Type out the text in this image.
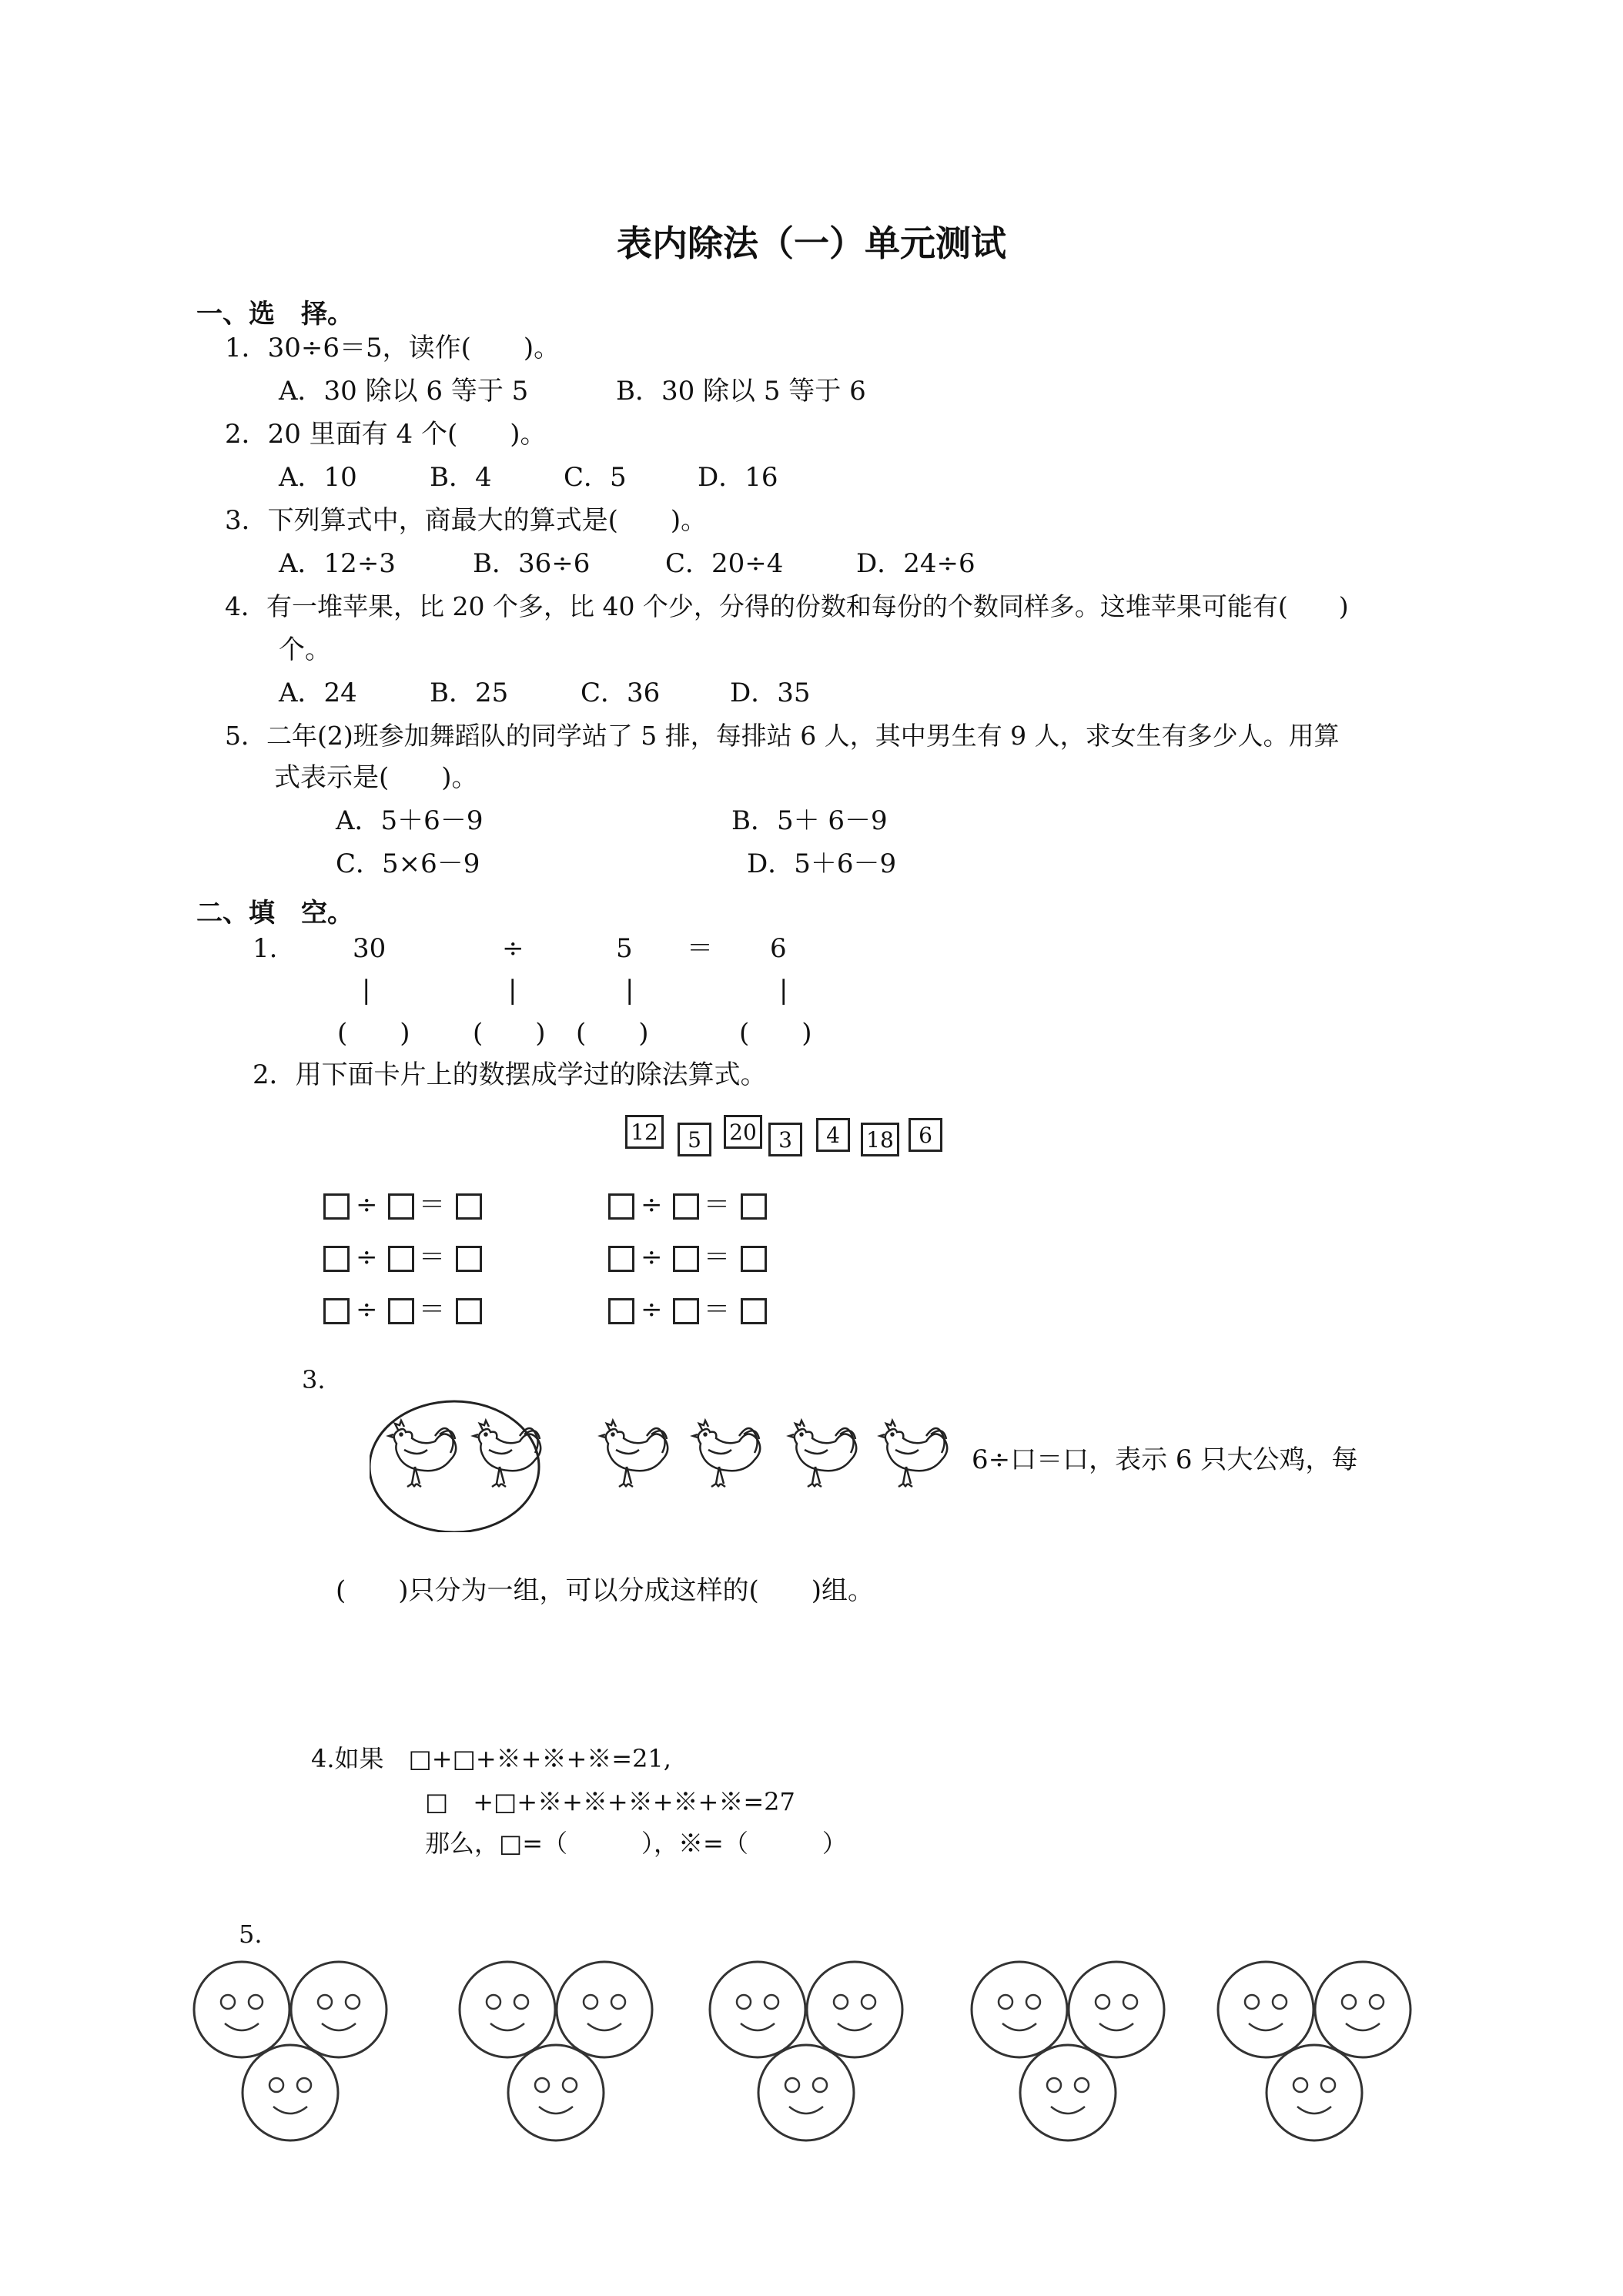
表内除法（一）单元测试
一、选　择。
1．30÷6＝5，读作(　　)。
A．30 除以 6 等于 5	B．30 除以 5 等于 6
2．20 里面有 4 个(　　)。
A．10	B．4	C．5	D．16
3．下列算式中，商最大的算式是(　　)。
A．12÷3	B．36÷6	C．20÷4	D．24÷6
4．有一堆苹果，比 20 个多，比 40 个少，分得的份数和每份的个数同样多。这堆苹果可能有(　　)
个。
A．24	B．25	C．36	D．35
5．二年(2)班参加舞蹈队的同学站了 5 排，每排站 6 人，其中男生有 9 人，求女生有多少人。用算
式表示是(　　)。
A．5＋6－9	B．5＋ 6－9
C．5×6－9	D．5＋6－9
二、填　空。
1.	30	÷	5 ＝ 6
|	|	|	|
(　　) (　　) (　　)	(　　)
2．用下面卡片上的数摆成学过的除法算式。
12	5	20	3	4	18	6
÷ ＝	÷ ＝
÷ ＝	÷ ＝
÷ ＝	÷ ＝
3.
6÷口＝口，表示 6 只大公鸡，每
(　　)只分为一组，可以分成这样的(　　)组。
4.如果　□+□+※+※+※=21,
□　+□+※+※+※+※+※=27
那么，□=（　　　），※=（　　　）
5.
